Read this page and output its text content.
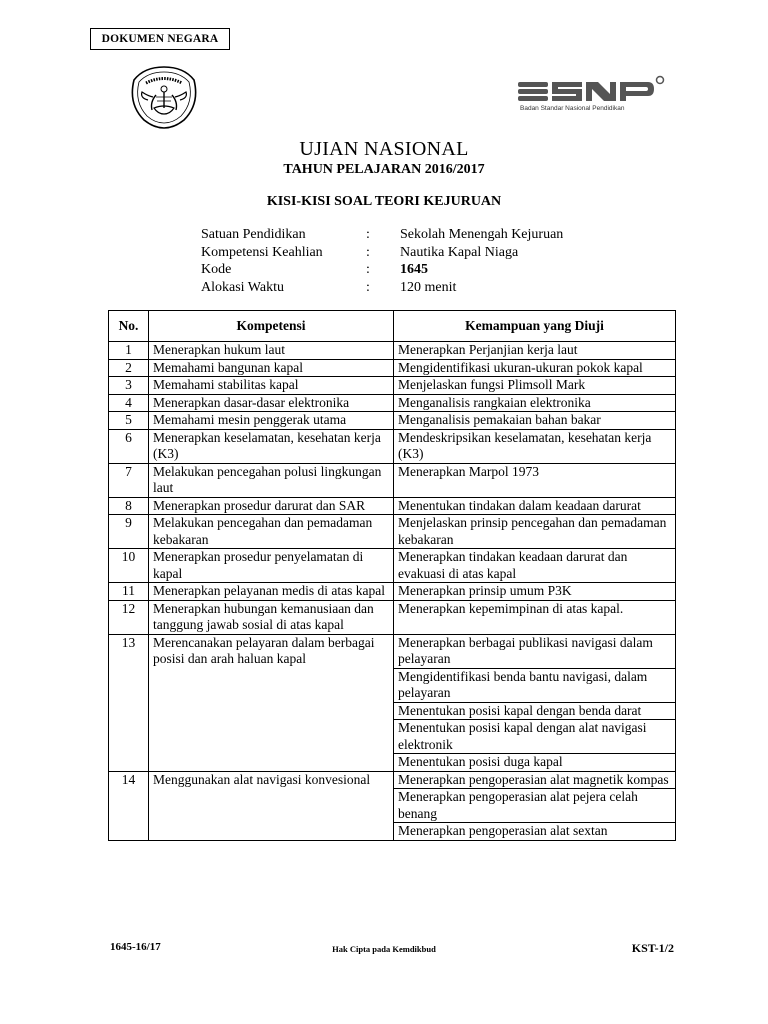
DOKUMEN NEGARA
Badan Standar Nasional Pendidikan
UJIAN NASIONAL
TAHUN PELAJARAN 2016/2017
KISI-KISI SOAL TEORI KEJURUAN
Satuan Pendidikan	:	Sekolah Menengah Kejuruan
Kompetensi Keahlian	:	Nautika Kapal Niaga
Kode	:	1645
Alokasi Waktu	:	120 menit
No.	Kompetensi	Kemampuan yang Diuji
1	Menerapkan hukum laut	Menerapkan Perjanjian kerja laut
2	Memahami bangunan kapal	Mengidentifikasi ukuran-ukuran pokok kapal
3	Memahami stabilitas kapal	Menjelaskan fungsi Plimsoll Mark
4	Menerapkan dasar-dasar elektronika	Menganalisis rangkaian elektronika
5	Memahami mesin penggerak utama	Menganalisis pemakaian bahan bakar
6	Menerapkan keselamatan, kesehatan kerja (K3)	Mendeskripsikan keselamatan, kesehatan kerja (K3)
7	Melakukan pencegahan polusi lingkungan laut	Menerapkan Marpol 1973
8	Menerapkan prosedur darurat dan SAR	Menentukan tindakan dalam keadaan darurat
9	Melakukan pencegahan dan pemadaman kebakaran	Menjelaskan prinsip pencegahan dan pemadaman kebakaran
10	Menerapkan prosedur penyelamatan di kapal	Menerapkan tindakan keadaan darurat dan evakuasi di atas kapal
11	Menerapkan pelayanan medis di atas kapal	Menerapkan prinsip umum P3K
12	Menerapkan hubungan kemanusiaan dan tanggung jawab sosial di atas kapal	Menerapkan kepemimpinan di atas kapal.
13	Merencanakan pelayaran dalam berbagai posisi dan arah haluan kapal	Menerapkan berbagai publikasi navigasi dalam pelayaran
		Mengidentifikasi benda bantu navigasi, dalam pelayaran
		Menentukan posisi kapal dengan benda darat
		Menentukan posisi kapal dengan alat navigasi elektronik
		Menentukan posisi duga kapal
14	Menggunakan alat navigasi konvesional	Menerapkan pengoperasian alat magnetik kompas
		Menerapkan pengoperasian alat pejera celah benang
		Menerapkan pengoperasian alat sextan
1645-16/17	Hak Cipta pada Kemdikbud	KST-1/2
